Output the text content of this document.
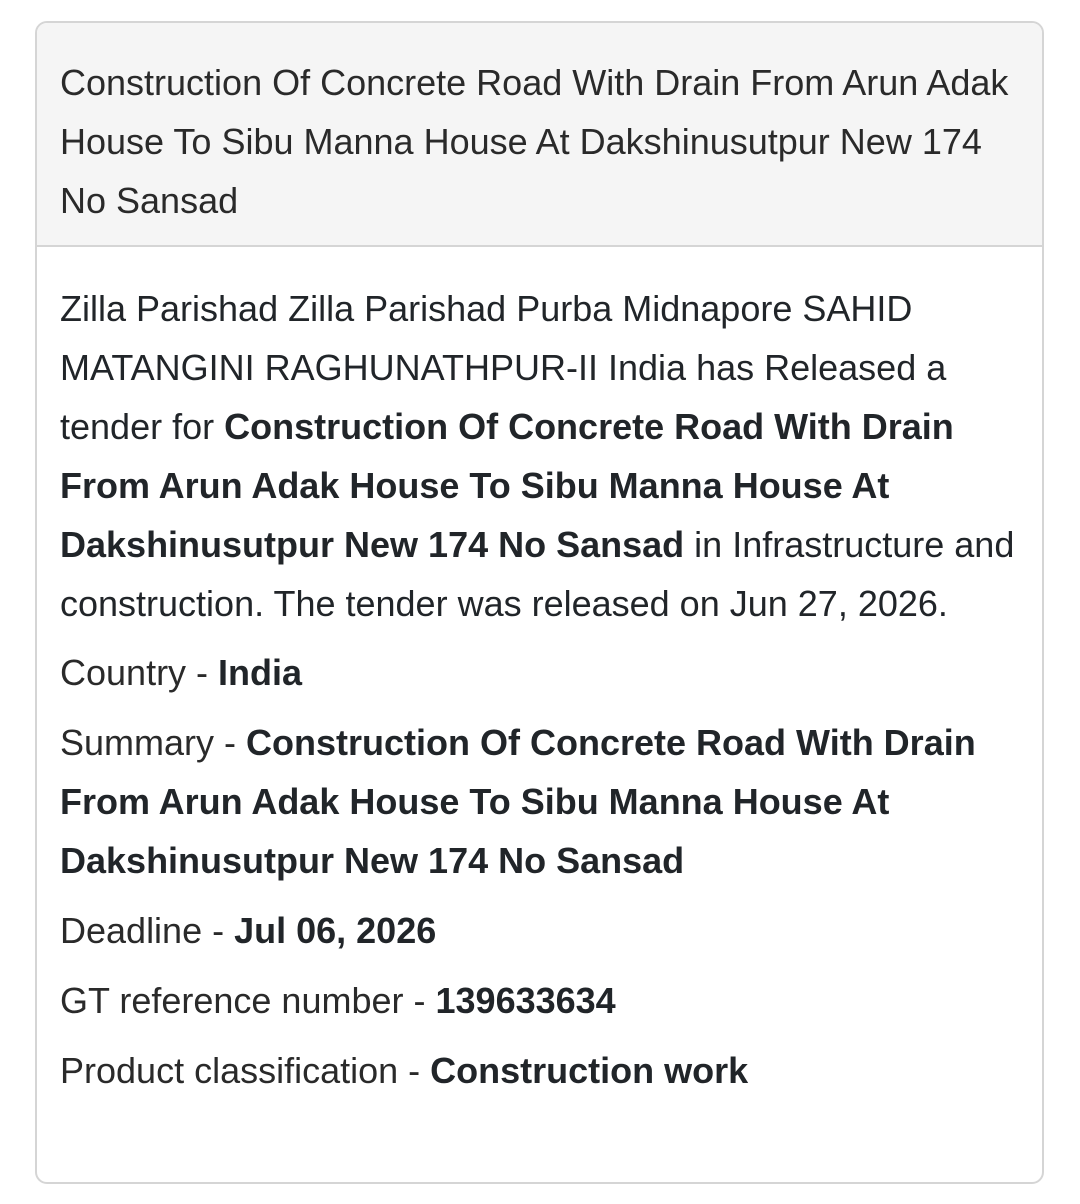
Construction Of Concrete Road With Drain From Arun Adak House To Sibu Manna House At Dakshinusutpur New 174 No Sansad

Zilla Parishad Zilla Parishad Purba Midnapore SAHID MATANGINI RAGHUNATHPUR-II India has Released a tender for Construction Of Concrete Road With Drain From Arun Adak House To Sibu Manna House At Dakshinusutpur New 174 No Sansad in Infrastructure and construction. The tender was released on Jun 27, 2026.

Country - India
Summary - Construction Of Concrete Road With Drain From Arun Adak House To Sibu Manna House At Dakshinusutpur New 174 No Sansad
Deadline - Jul 06, 2026
GT reference number - 139633634
Product classification - Construction work
